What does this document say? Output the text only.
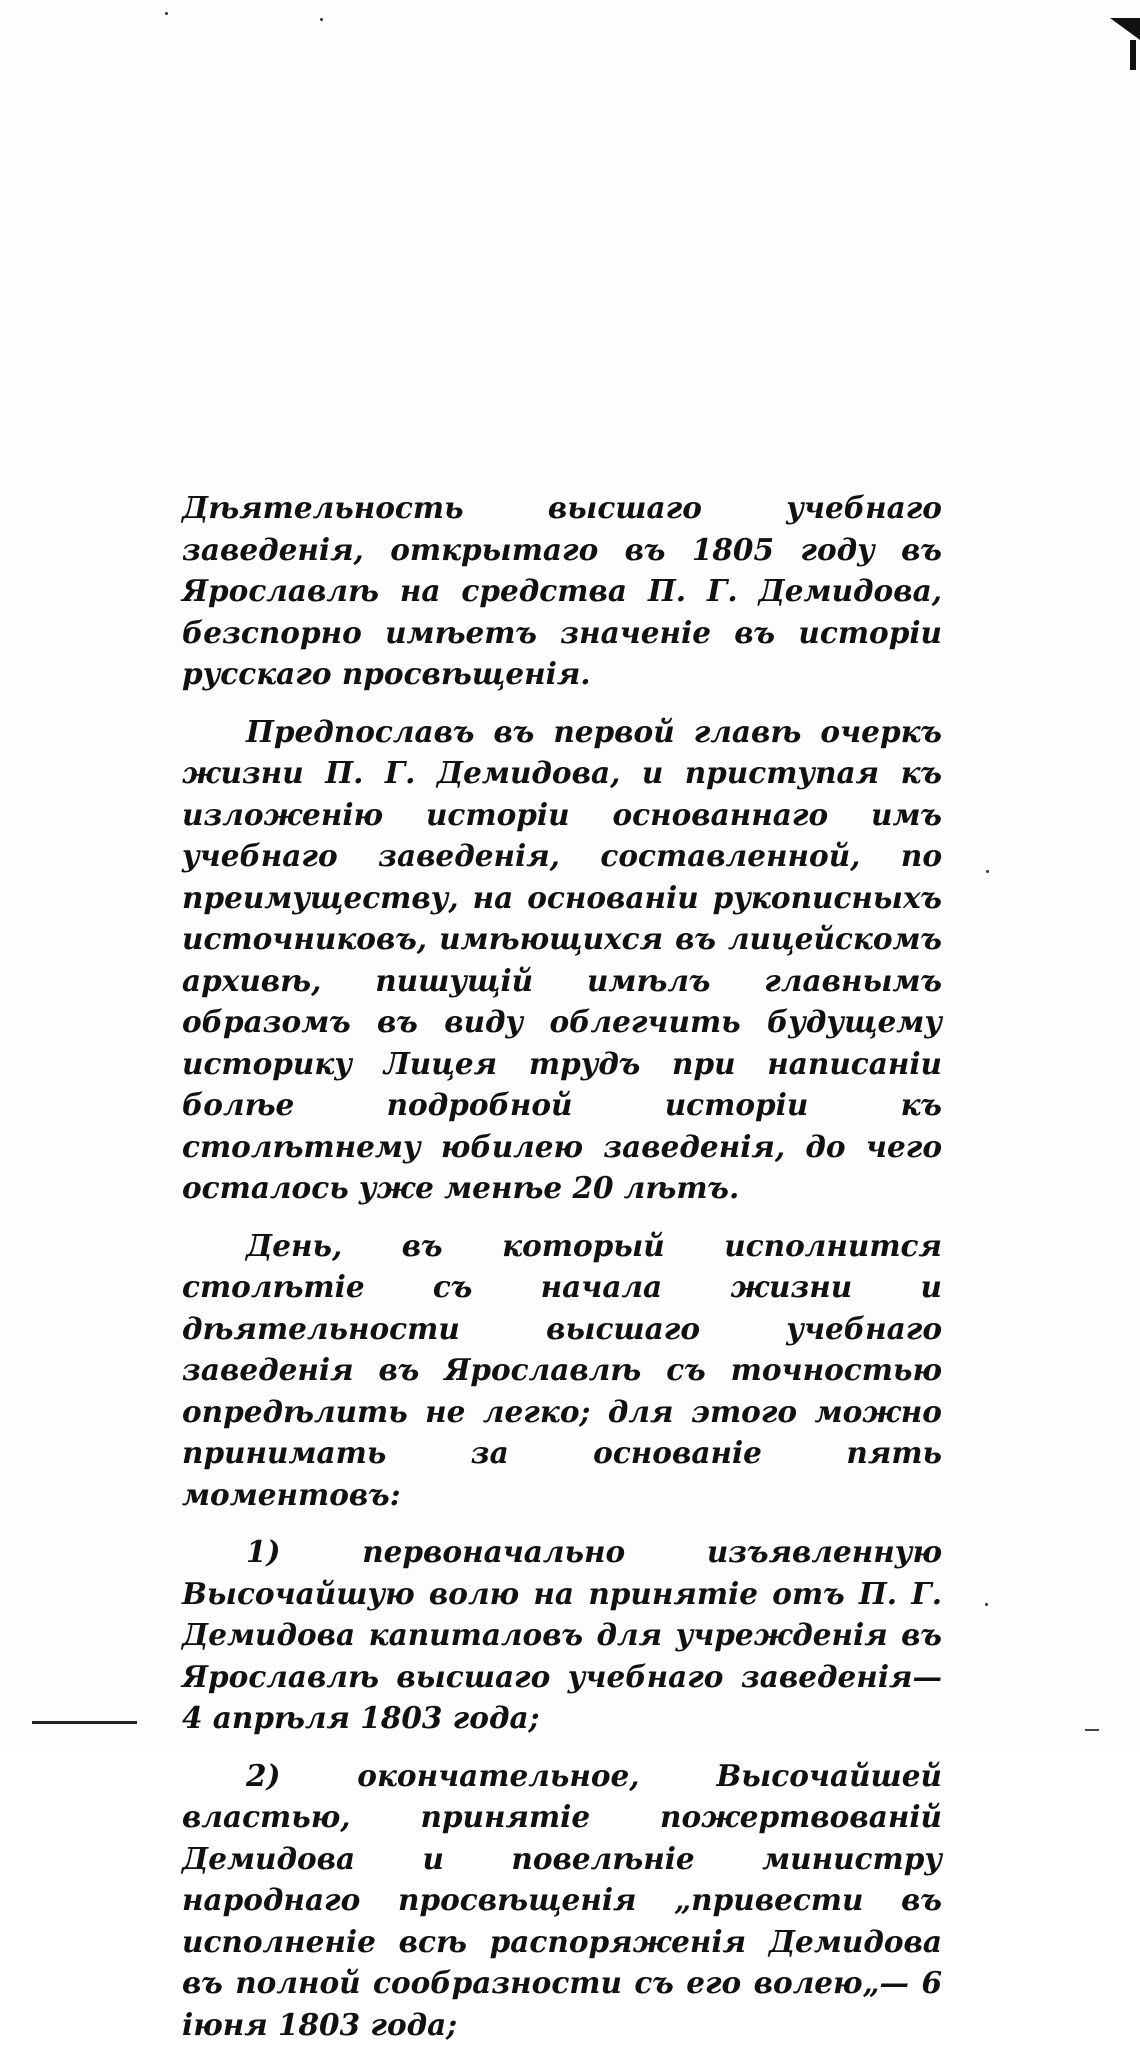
Дѣятельность высшаго учебнаго заведенія, открытаго въ 1805 году въ Ярославлѣ на средства П. Г. Демидова, безспорно имѣетъ значеніе въ исторіи русскаго просвѣщенія.

Предпославъ въ первой главѣ очеркъ жизни П. Г. Демидова, и приступая къ изложенію исторіи основаннаго имъ учебнаго заведенія, составленной, по преимуществу, на основаніи рукописныхъ источниковъ, имѣющихся въ лицейскомъ архивѣ, пишущій имѣлъ главнымъ образомъ въ виду облегчить будущему историку Лицея трудъ при написаніи болѣе подробной исторіи къ столѣтнему юбилею заведенія, до чего осталось уже менѣе 20 лѣтъ.

День, въ который исполнится столѣтіе съ начала жизни и дѣятельности высшаго учебнаго заведенія въ Ярославлѣ съ точностью опредѣлить не легко; для этого можно принимать за основаніе пять моментовъ:

1) первоначально изъявленную Высочайшую волю на принятіе отъ П. Г. Демидова капиталовъ для учрежденія въ Ярославлѣ высшаго учебнаго заведенія— 4 апрѣля 1803 года;

2) окончательное, Высочайшей властью, принятіе пожертвованій Демидова и повелѣніе министру народнаго просвѣщенія „привести въ исполненіе всѣ распоряженія Демидова въ полной сообразности съ его волею„— 6 іюня 1803 года;
